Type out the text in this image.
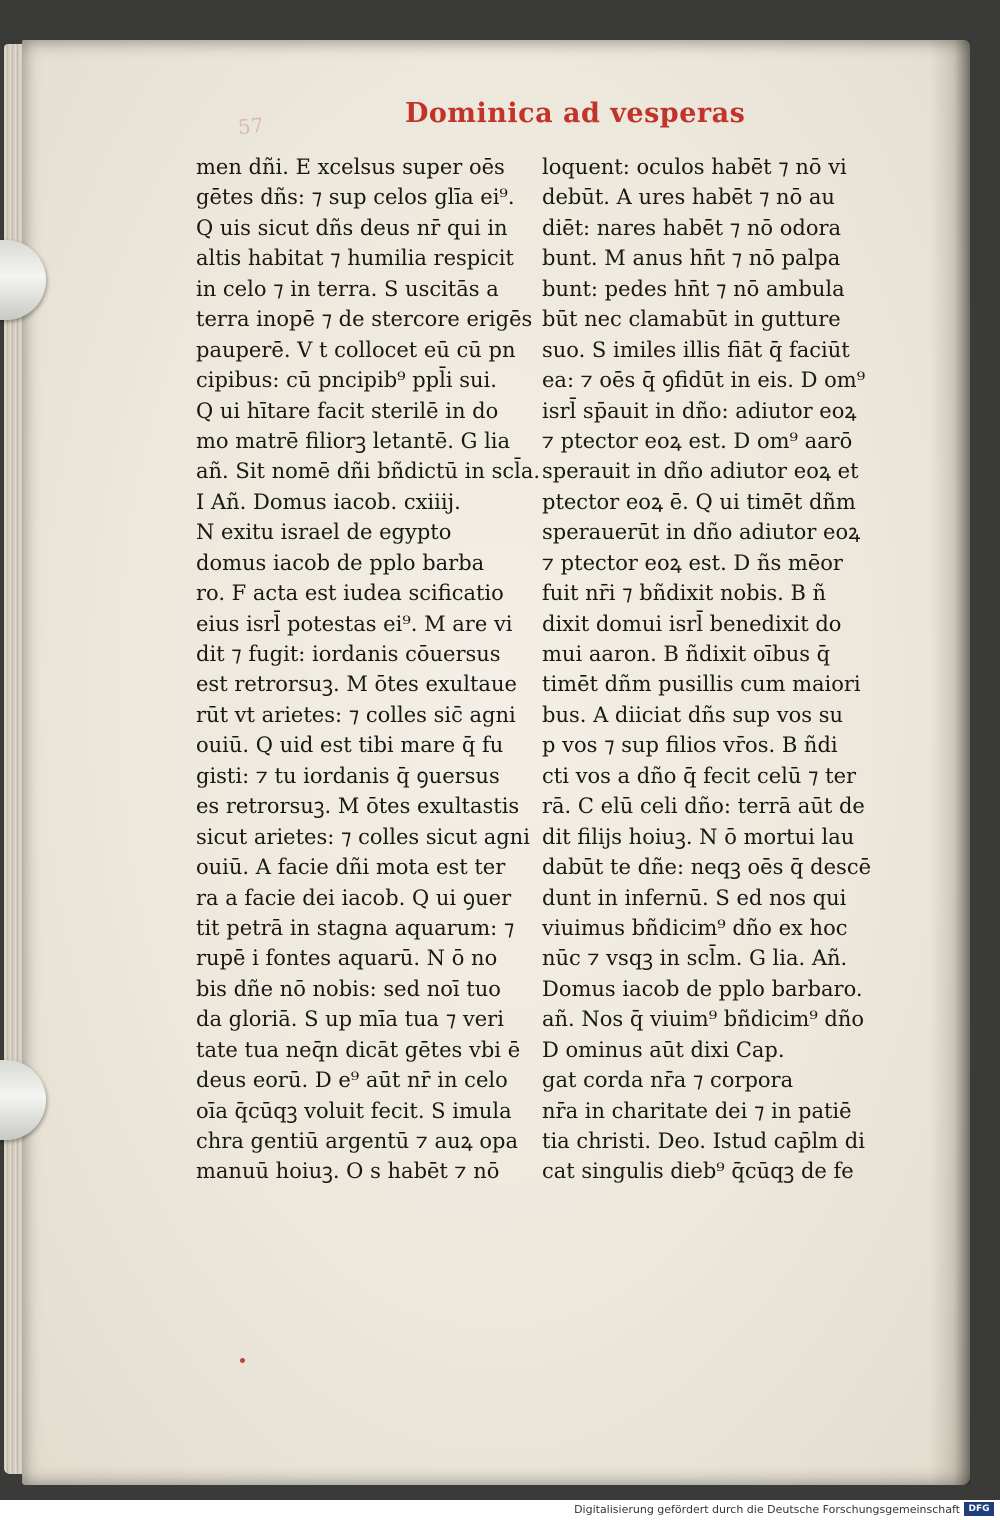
57	Dominica ad vesperas
men dñi. E xcelsus super oēs
gētes dñs: ⁊ sup celos glīa ei⁹.
Q uis sicut dñs deus nr̄ qui in
altis habitat ⁊ humilia respicit
in celo ⁊ in terra. S uscitās a
terra inopē ⁊ de stercore erigēs
pauperē. V t collocet eū cū pn
cipibus: cū pncipib⁹ ppl̄i sui.
Q ui hītare facit sterilē in do
mo matrē filiorꝫ letantē. G lia
añ. Sit nomē dñi bñdictū in scl̄a.
I Añ. Domus iacob. cxiiij.
N exitu israel de egypto
domus iacob de pplo barba
ro. F acta est iudea scificatio
eius isrl̄ potestas ei⁹. M are vi
dit ⁊ fugit: iordanis cōuersus
est retrorsuꝫ. M ōtes exultaue
rūt vt arietes: ⁊ colles sic̄ agni
ouiū. Q uid est tibi mare q̄ fu
gisti: ⁊ tu iordanis q̄ ꝯuersus
es retrorsuꝫ. M ōtes exultastis
sicut arietes: ⁊ colles sicut agni
ouiū. A facie dñi mota est ter
ra a facie dei iacob. Q ui ꝯuer
tit petrā in stagna aquarum: ⁊
rupē i fontes aquarū. N ō no
bis dñe nō nobis: sed noī tuo
da gloriā. S up mīa tua ⁊ veri
tate tua neq̄n dicāt gētes vbi ē
deus eorū. D e⁹ aūt nr̄ in celo
oīa q̄cūqꝫ voluit fecit. S imula
chra gentiū argentū ⁊ auꝝ opa
manuū hoiuꝫ. O s habēt ⁊ nō
loquent: oculos habēt ⁊ nō vi
debūt. A ures habēt ⁊ nō au
diēt: nares habēt ⁊ nō odora
bunt. M anus hn̄t ⁊ nō palpa
bunt: pedes hn̄t ⁊ nō ambula
būt nec clamabūt in gutture
suo. S imiles illis fiāt q̄ faciūt
ea: ⁊ oēs q̄ ꝯfidūt in eis. D om⁹
isrl̄ sp̄auit in dño: adiutor eoꝝ
⁊ ptector eoꝝ est. D om⁹ aarō
sperauit in dño adiutor eoꝝ et
ptector eoꝝ ē. Q ui timēt dñm
sperauerūt in dño adiutor eoꝝ
⁊ ptector eoꝝ est. D ñs mēor
fuit nr̄i ⁊ bñdixit nobis. B ñ
dixit domui isrl̄ benedixit do
mui aaron. B ñdixit oībus q̄
timēt dñm pusillis cum maiori
bus. A diiciat dñs sup vos su
p vos ⁊ sup filios vr̄os. B ñdi
cti vos a dño q̄ fecit celū ⁊ ter
rā. C elū celi dño: terrā aūt de
dit filijs hoiuꝫ. N ō mortui lau
dabūt te dñe: neqꝫ oēs q̄ descē
dunt in infernū. S ed nos qui
viuimus bñdicim⁹ dño ex hoc
nūc ⁊ vsqꝫ in scl̄m. G lia. Añ.
Domus iacob de pplo barbaro.
añ. Nos q̄ viuim⁹ bñdicim⁹ dño
D ominus aūt dixi Cap.
gat corda nr̄a ⁊ corpora
nr̄a in charitate dei ⁊ in patiē
tia christi. Deo. Istud cap̄lm di
cat singulis dieb⁹ q̄cūqꝫ de fe
Digitalisierung gefördert durch die Deutsche Forschungsgemeinschaft DFG
